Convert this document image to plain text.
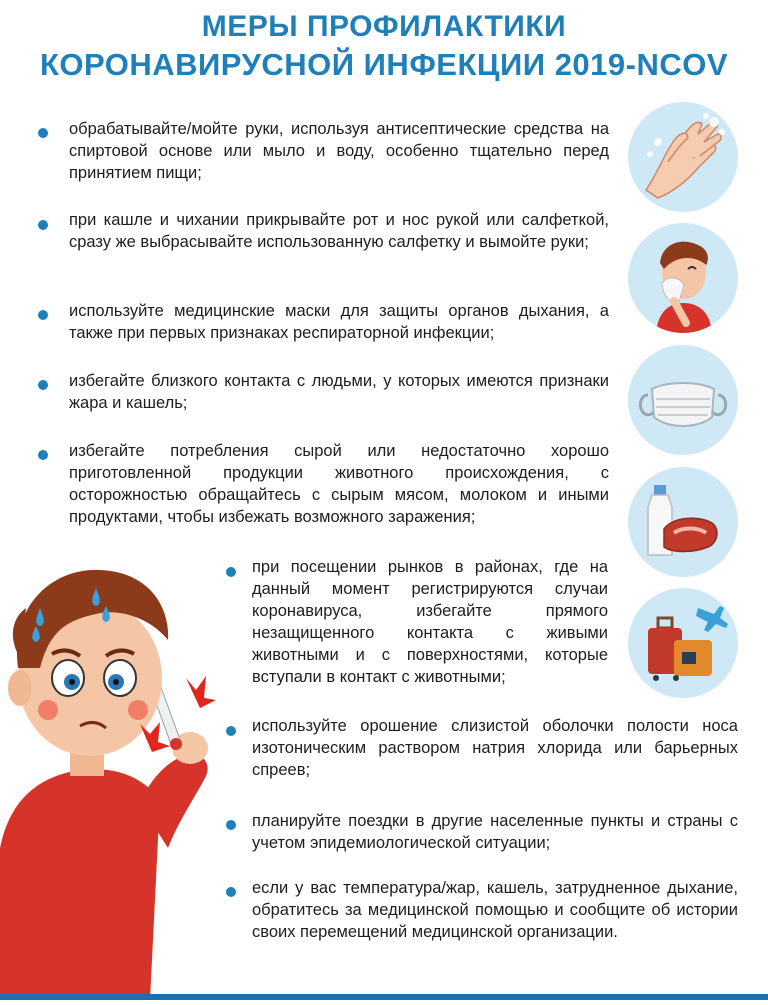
МЕРЫ ПРОФИЛАКТИКИ
КОРОНАВИРУСНОЙ ИНФЕКЦИИ 2019-NCOV
обрабатывайте/мойте руки, используя антисептические средства на спиртовой основе или мыло и воду, особенно тщательно перед принятием пищи;
при кашле и чихании прикрывайте рот и нос рукой или салфеткой, сразу же выбрасывайте использованную салфетку и вымойте руки;
используйте медицинские маски для защиты органов дыхания, а также при первых признаках респираторной инфекции;
избегайте близкого контакта с людьми, у которых имеются признаки жара и кашель;
избегайте потребления сырой или недостаточно хорошо приготовленной продукции животного происхождения, с осторожностью обращайтесь с сырым мясом, молоком и иными продуктами, чтобы избежать возможного заражения;
при посещении рынков в районах, где на данный момент регистрируются случаи коронавируса, избегайте прямого незащищенного контакта с живыми животными и с поверхностями, которые вступали в контакт с животными;
используйте орошение слизистой оболочки полости носа изотоническим раствором натрия хлорида или барьерных спреев;
планируйте поездки в другие населенные пункты и страны с учетом эпидемиологической ситуации;
если у вас температура/жар, кашель, затрудненное дыхание, обратитесь за медицинской помощью и сообщите об истории своих перемещений медицинской организации.
